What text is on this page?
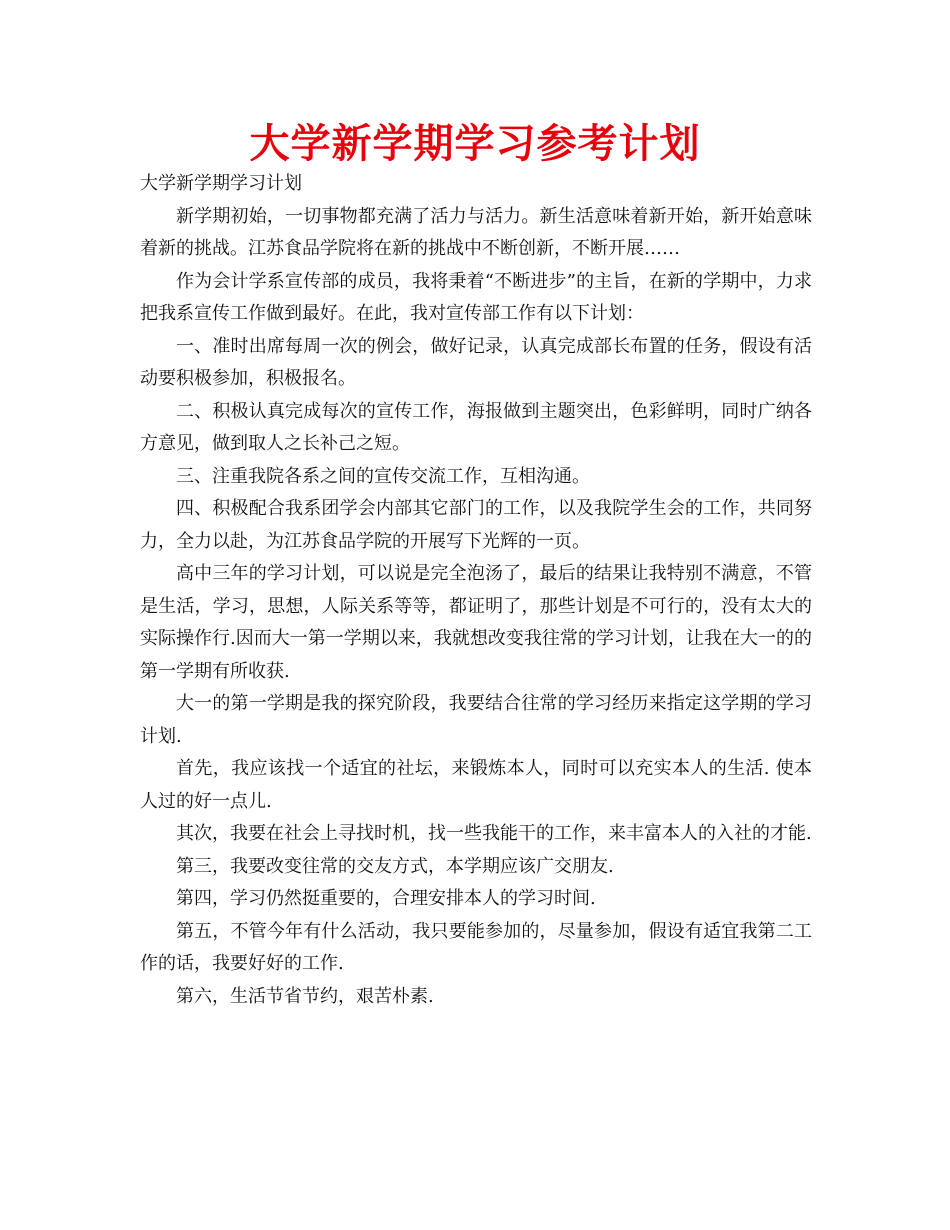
大学新学期学习参考计划

大学新学期学习计划

新学期初始，一切事物都充满了活力与活力。新生活意味着新开始，新开始意味着新的挑战。江苏食品学院将在新的挑战中不断创新，不断开展……

作为会计学系宣传部的成员，我将秉着“不断进步”的主旨，在新的学期中，力求把我系宣传工作做到最好。在此，我对宣传部工作有以下计划：

一、准时出席每周一次的例会，做好记录，认真完成部长布置的任务，假设有活动要积极参加，积极报名。

二、积极认真完成每次的宣传工作，海报做到主题突出，色彩鲜明，同时广纳各方意见，做到取人之长补己之短。

三、注重我院各系之间的宣传交流工作，互相沟通。

四、积极配合我系团学会内部其它部门的工作，以及我院学生会的工作，共同努力，全力以赴，为江苏食品学院的开展写下光辉的一页。

高中三年的学习计划，可以说是完全泡汤了，最后的结果让我特别不满意，不管是生活，学习，思想，人际关系等等，都证明了，那些计划是不可行的，没有太大的实际操作行.因而大一第一学期以来，我就想改变我往常的学习计划，让我在大一的的第一学期有所收获.

大一的第一学期是我的探究阶段，我要结合往常的学习经历来指定这学期的学习计划.

首先，我应该找一个适宜的社坛，来锻炼本人，同时可以充实本人的生活. 使本人过的好一点儿.

其次，我要在社会上寻找时机，找一些我能干的工作，来丰富本人的入社的才能.

第三，我要改变往常的交友方式，本学期应该广交朋友.

第四，学习仍然挺重要的，合理安排本人的学习时间.

第五，不管今年有什么活动，我只要能参加的，尽量参加，假设有适宜我第二工作的话，我要好好的工作.

第六，生活节省节约，艰苦朴素.
